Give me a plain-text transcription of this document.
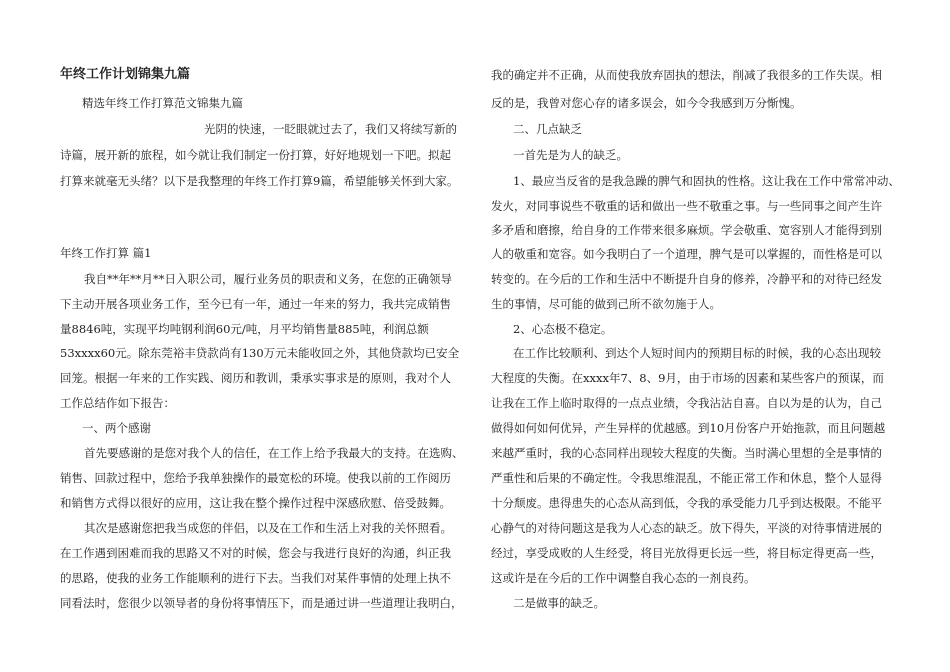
年终工作计划锦集九篇
精选年终工作打算范文锦集九篇
光阴的快速，一眨眼就过去了，我们又将续写新的
诗篇，展开新的旅程，如今就让我们制定一份打算，好好地规划一下吧。拟起
打算来就毫无头绪？以下是我整理的年终工作打算9篇，希望能够关怀到大家。
年终工作打算 篇1
我自**年**月**日入职公司，履行业务员的职责和义务，在您的正确领导
下主动开展各项业务工作，至今已有一年，通过一年来的努力，我共完成销售
量8846吨，实现平均吨钢利润60元/吨，月平均销售量885吨，利润总额
53xxxx60元。除东莞裕丰贷款尚有130万元未能收回之外，其他贷款均已安全
回笼。根据一年来的工作实践、阅历和教训，秉承实事求是的原则，我对个人
工作总结作如下报告：
一、两个感谢
首先要感谢的是您对我个人的信任，在工作上给予我最大的支持。在选购、
销售、回款过程中，您给予我单独操作的最宽松的环境。使我以前的工作阅历
和销售方式得以很好的应用，这让我在整个操作过程中深感欣慰、倍受鼓舞。
其次是感谢您把我当成您的伴侣，以及在工作和生活上对我的关怀照看。
在工作遇到困难而我的思路又不对的时候，您会与我进行良好的沟通，纠正我
的思路，使我的业务工作能顺利的进行下去。当我们对某件事情的处理上执不
同看法时，您很少以领导者的身份将事情压下，而是通过讲一些道理让我明白，
我的确定并不正确，从而使我放弃固执的想法，削减了我很多的工作失误。相
反的是，我曾对您心存的诸多误会，如今令我感到万分惭愧。
二、几点缺乏
一首先是为人的缺乏。
1、最应当反省的是我急躁的脾气和固执的性格。这让我在工作中常常冲动、
发火，对同事说些不敬重的话和做出一些不敬重之事。与一些同事之间产生许
多矛盾和磨擦，给自身的工作带来很多麻烦。学会敬重、宽容别人才能得到别
人的敬重和宽容。如今我明白了一个道理，脾气是可以掌握的，而性格是可以
转变的。在今后的工作和生活中不断提升自身的修养，冷静平和的对待已经发
生的事情，尽可能的做到己所不欲勿施于人。
2、心态极不稳定。
在工作比较顺利、到达个人短时间内的预期目标的时候，我的心态出现较
大程度的失衡。在xxxx年7、8、9月，由于市场的因素和某些客户的预谋，而
让我在工作上临时取得的一点点业绩，令我沾沾自喜。自以为是的认为，自己
做得如何如何优异，产生异样的优越感。到10月份客户开始拖款，而且问题越
来越严重时，我的心态同样出现较大程度的失衡。当时满心里想的全是事情的
严重性和后果的不确定性。令我思维混乱，不能正常工作和休息，整个人显得
十分颓废。患得患失的心态从高到低，令我的承受能力几乎到达极限。不能平
心静气的对待问题这是我为人心态的缺乏。放下得失，平淡的对待事情进展的
经过，享受成败的人生经受，将目光放得更长远一些，将目标定得更高一些，
这或许是在今后的工作中调整自我心态的一剂良药。
二是做事的缺乏。
